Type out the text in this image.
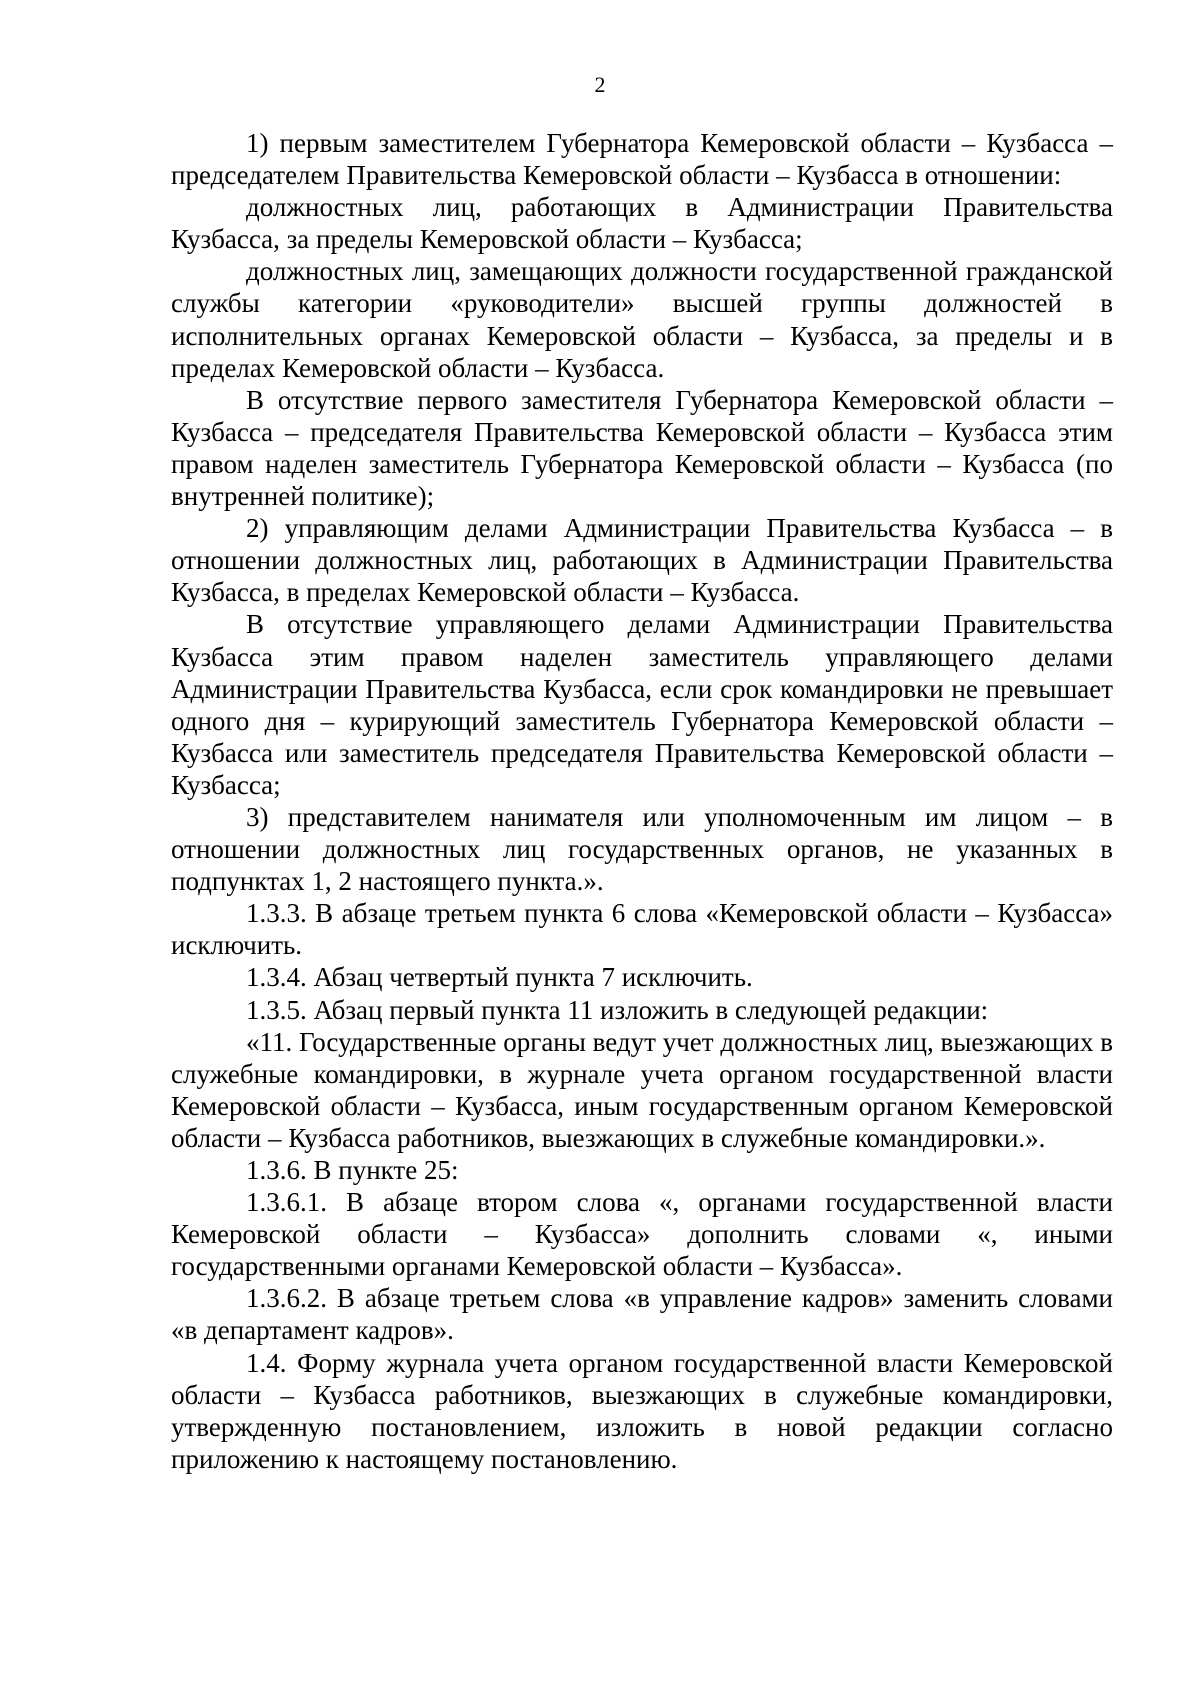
2

1) первым заместителем Губернатора Кемеровской области – Кузбасса – председателем Правительства Кемеровской области – Кузбасса в отношении:

должностных лиц, работающих в Администрации Правительства Кузбасса, за пределы Кемеровской области – Кузбасса;

должностных лиц, замещающих должности государственной гражданской службы категории «руководители» высшей группы должностей в исполнительных органах Кемеровской области – Кузбасса, за пределы и в пределах Кемеровской области – Кузбасса.

В отсутствие первого заместителя Губернатора Кемеровской области – Кузбасса – председателя Правительства Кемеровской области – Кузбасса этим правом наделен заместитель Губернатора Кемеровской области – Кузбасса (по внутренней политике);

2) управляющим делами Администрации Правительства Кузбасса – в отношении должностных лиц, работающих в Администрации Правительства Кузбасса, в пределах Кемеровской области – Кузбасса.

В отсутствие управляющего делами Администрации Правительства Кузбасса этим правом наделен заместитель управляющего делами Администрации Правительства Кузбасса, если срок командировки не превышает одного дня – курирующий заместитель Губернатора Кемеровской области – Кузбасса или заместитель председателя Правительства Кемеровской области – Кузбасса;

3) представителем нанимателя или уполномоченным им лицом – в отношении должностных лиц государственных органов, не указанных в подпунктах 1, 2 настоящего пункта.».

1.3.3. В абзаце третьем пункта 6 слова «Кемеровской области – Кузбасса» исключить.

1.3.4. Абзац четвертый пункта 7 исключить.

1.3.5. Абзац первый пункта 11 изложить в следующей редакции:

«11. Государственные органы ведут учет должностных лиц, выезжающих в служебные командировки, в журнале учета органом государственной власти Кемеровской области – Кузбасса, иным государственным органом Кемеровской области – Кузбасса работников, выезжающих в служебные командировки.».

1.3.6. В пункте 25:

1.3.6.1. В абзаце втором слова «, органами государственной власти Кемеровской области – Кузбасса» дополнить словами «, иными государственными органами Кемеровской области – Кузбасса».

1.3.6.2. В абзаце третьем слова «в управление кадров» заменить словами «в департамент кадров».

1.4. Форму журнала учета органом государственной власти Кемеровской области – Кузбасса работников, выезжающих в служебные командировки, утвержденную постановлением, изложить в новой редакции согласно приложению к настоящему постановлению.
